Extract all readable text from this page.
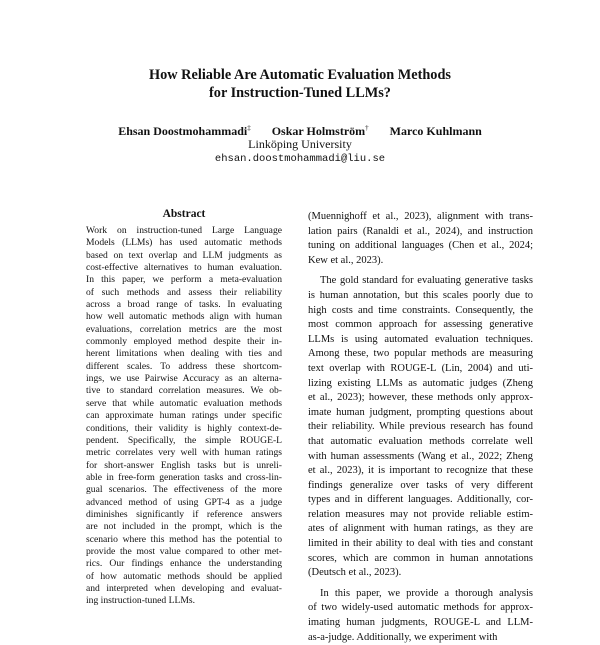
How Reliable Are Automatic Evaluation Methods
for Instruction-Tuned LLMs?
Ehsan Doostmohammadi‡ Oskar Holmström† Marco Kuhlmann
Linköping University
ehsan.doostmohammadi@liu.se
Abstract
Work on instruction-tuned Large Language
Models (LLMs) has used automatic methods
based on text overlap and LLM judgments as
cost-effective alternatives to human evaluation.
In this paper, we perform a meta-evaluation
of such methods and assess their reliability
across a broad range of tasks. In evaluating
how well automatic methods align with human
evaluations, correlation metrics are the most
commonly employed method despite their in-
herent limitations when dealing with ties and
different scales. To address these shortcom-
ings, we use Pairwise Accuracy as an alterna-
tive to standard correlation measures. We ob-
serve that while automatic evaluation methods
can approximate human ratings under specific
conditions, their validity is highly context-de-
pendent. Specifically, the simple ROUGE-L
metric correlates very well with human ratings
for short-answer English tasks but is unreli-
able in free-form generation tasks and cross-lin-
gual scenarios. The effectiveness of the more
advanced method of using GPT-4 as a judge
diminishes significantly if reference answers
are not included in the prompt, which is the
scenario where this method has the potential to
provide the most value compared to other met-
rics. Our findings enhance the understanding
of how automatic methods should be applied
and interpreted when developing and evaluat-
ing instruction-tuned LLMs.
(Muennighoff et al., 2023), alignment with trans-
lation pairs (Ranaldi et al., 2024), and instruction
tuning on additional languages (Chen et al., 2024;
Kew et al., 2023).
The gold standard for evaluating generative tasks
is human annotation, but this scales poorly due to
high costs and time constraints. Consequently, the
most common approach for assessing generative
LLMs is using automated evaluation techniques.
Among these, two popular methods are measuring
text overlap with ROUGE-L (Lin, 2004) and uti-
lizing existing LLMs as automatic judges (Zheng
et al., 2023); however, these methods only approx-
imate human judgment, prompting questions about
their reliability. While previous research has found
that automatic evaluation methods correlate well
with human assessments (Wang et al., 2022; Zheng
et al., 2023), it is important to recognize that these
findings generalize over tasks of very different
types and in different languages. Additionally, cor-
relation measures may not provide reliable estim-
ates of alignment with human ratings, as they are
limited in their ability to deal with ties and constant
scores, which are common in human annotations
(Deutsch et al., 2023).
In this paper, we provide a thorough analysis
of two widely-used automatic methods for approx-
imating human judgments, ROUGE-L and LLM-
as-a-judge. Additionally, we experiment with
